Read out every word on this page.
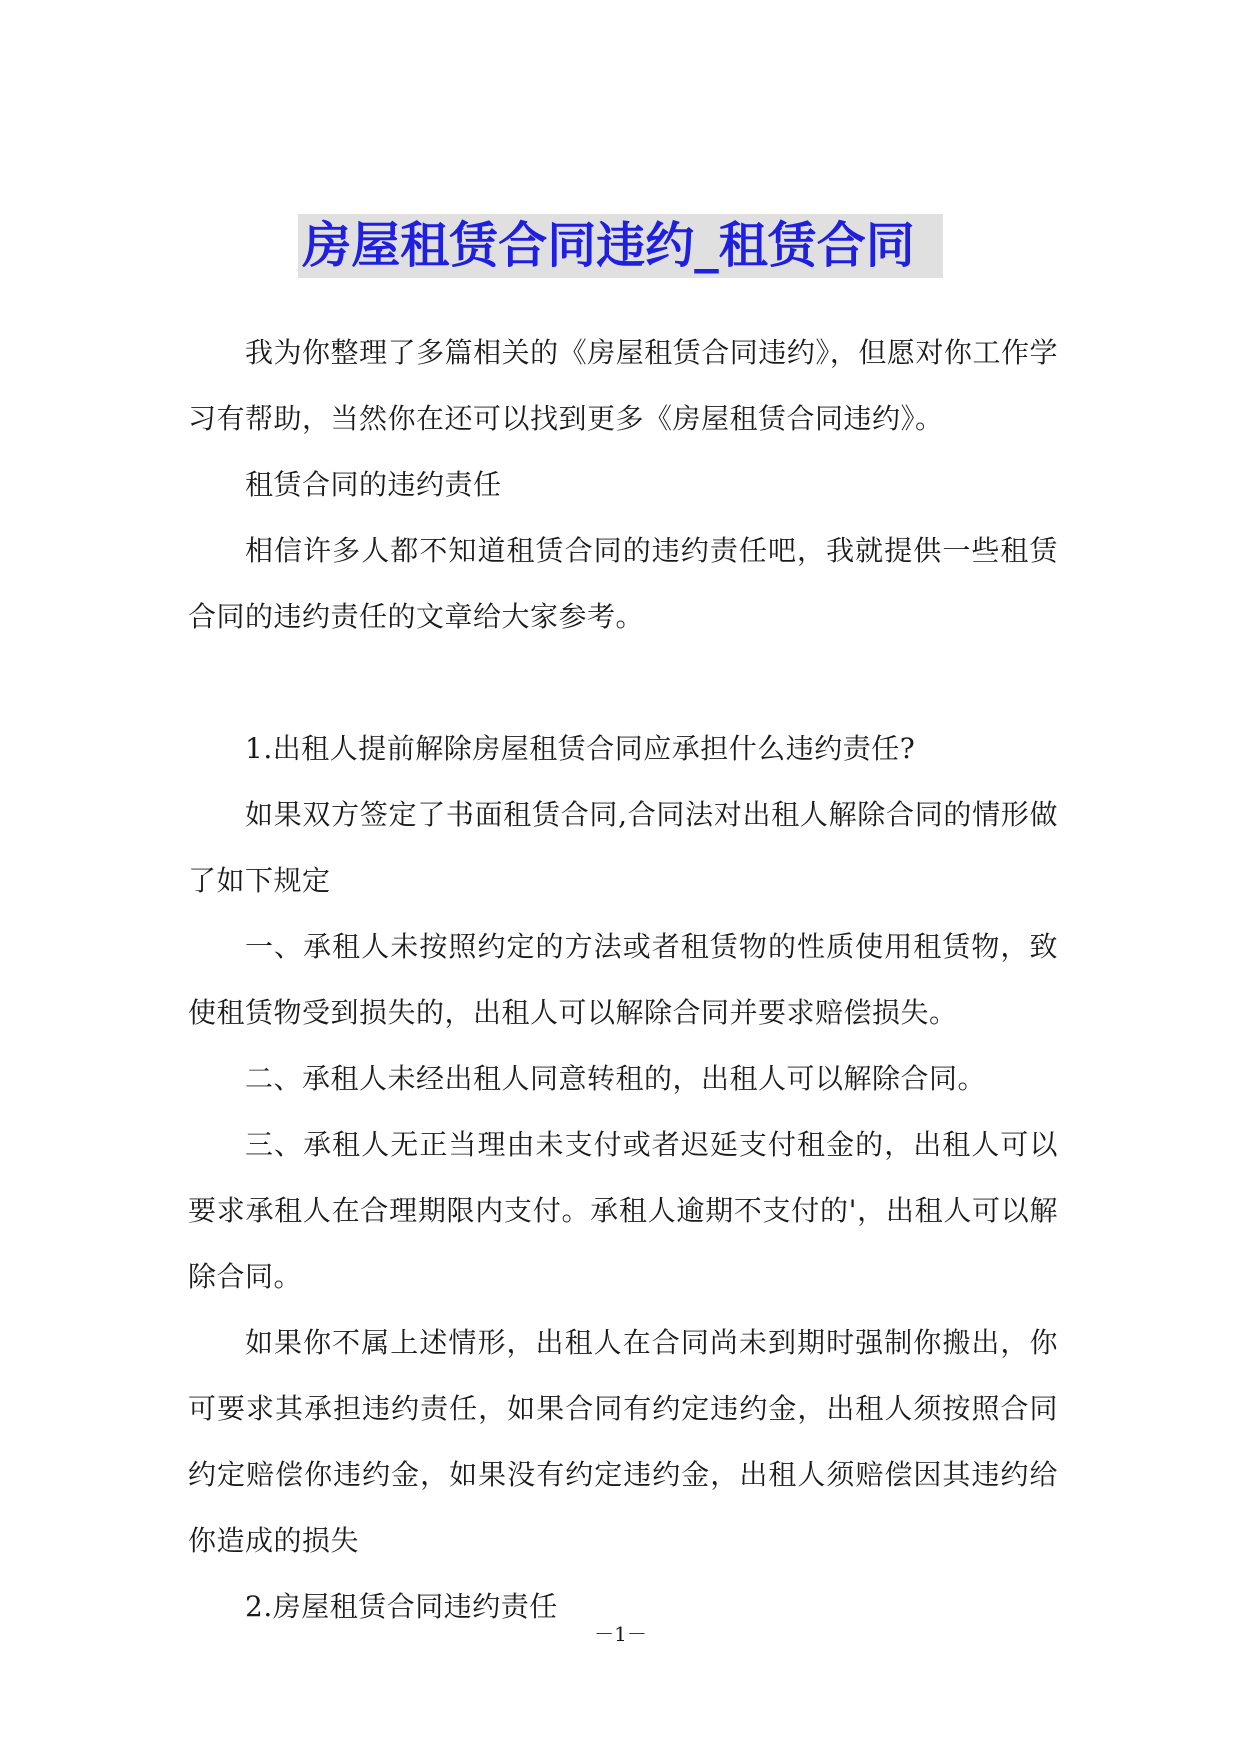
房屋租赁合同违约_租赁合同

我为你整理了多篇相关的《房屋租赁合同违约》，但愿对你工作学习有帮助，当然你在还可以找到更多《房屋租赁合同违约》。

租赁合同的违约责任

相信许多人都不知道租赁合同的违约责任吧，我就提供一些租赁合同的违约责任的文章给大家参考。

1.出租人提前解除房屋租赁合同应承担什么违约责任?

如果双方签定了书面租赁合同,合同法对出租人解除合同的情形做了如下规定

一、承租人未按照约定的方法或者租赁物的性质使用租赁物，致使租赁物受到损失的，出租人可以解除合同并要求赔偿损失。

二、承租人未经出租人同意转租的，出租人可以解除合同。

三、承租人无正当理由未支付或者迟延支付租金的，出租人可以要求承租人在合理期限内支付。承租人逾期不支付的'，出租人可以解除合同。

如果你不属上述情形，出租人在合同尚未到期时强制你搬出，你可要求其承担违约责任，如果合同有约定违约金，出租人须按照合同约定赔偿你违约金，如果没有约定违约金，出租人须赔偿因其违约给你造成的损失

2.房屋租赁合同违约责任

－1－
